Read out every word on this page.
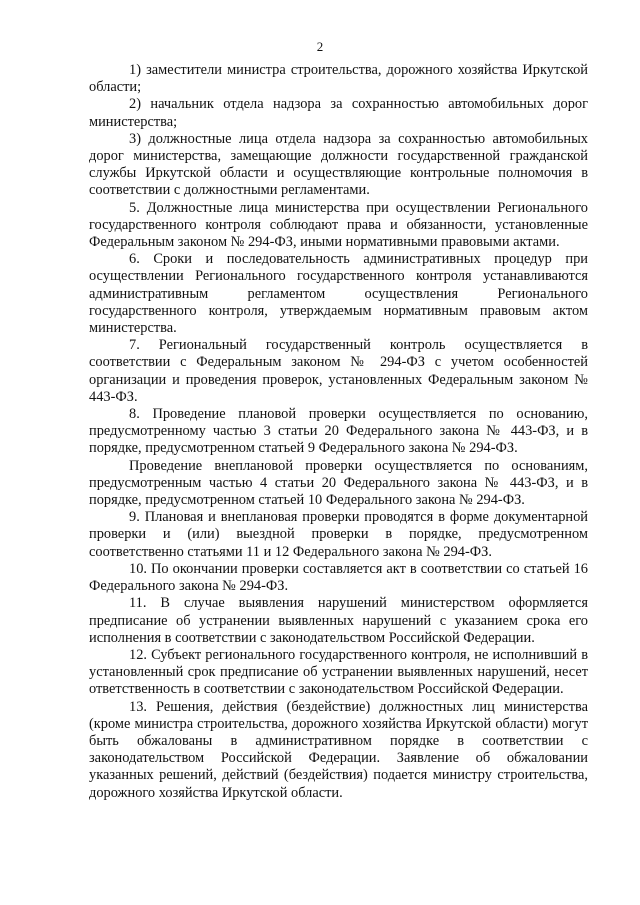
2

1) заместители министра строительства, дорожного хозяйства Иркутской области;

2) начальник отдела надзора за сохранностью автомобильных дорог министерства;

3) должностные лица отдела надзора за сохранностью автомобильных дорог министерства, замещающие должности государственной гражданской службы Иркутской области и осуществляющие контрольные полномочия в соответствии с должностными регламентами.

5. Должностные лица министерства при осуществлении Регионального государственного контроля соблюдают права и обязанности, установленные Федеральным законом № 294-ФЗ, иными нормативными правовыми актами.

6. Сроки и последовательность административных процедур при осуществлении Регионального государственного контроля устанавливаются административным регламентом осуществления Регионального государственного контроля, утверждаемым нормативным правовым актом министерства.

7. Региональный государственный контроль осуществляется в соответствии с Федеральным законом № 294-ФЗ с учетом особенностей организации и проведения проверок, установленных Федеральным законом № 443-ФЗ.

8. Проведение плановой проверки осуществляется по основанию, предусмотренному частью 3 статьи 20 Федерального закона № 443-ФЗ, и в порядке, предусмотренном статьей 9 Федерального закона № 294-ФЗ.

Проведение внеплановой проверки осуществляется по основаниям, предусмотренным частью 4 статьи 20 Федерального закона № 443-ФЗ, и в порядке, предусмотренном статьей 10 Федерального закона № 294-ФЗ.

9. Плановая и внеплановая проверки проводятся в форме документарной проверки и (или) выездной проверки в порядке, предусмотренном соответственно статьями 11 и 12 Федерального закона № 294-ФЗ.

10. По окончании проверки составляется акт в соответствии со статьей 16 Федерального закона № 294-ФЗ.

11. В случае выявления нарушений министерством оформляется предписание об устранении выявленных нарушений с указанием срока его исполнения в соответствии с законодательством Российской Федерации.

12. Субъект регионального государственного контроля, не исполнивший в установленный срок предписание об устранении выявленных нарушений, несет ответственность в соответствии с законодательством Российской Федерации.

13. Решения, действия (бездействие) должностных лиц министерства (кроме министра строительства, дорожного хозяйства Иркутской области) могут быть обжалованы в административном порядке в соответствии с законодательством Российской Федерации. Заявление об обжаловании указанных решений, действий (бездействия) подается министру строительства, дорожного хозяйства Иркутской области.
